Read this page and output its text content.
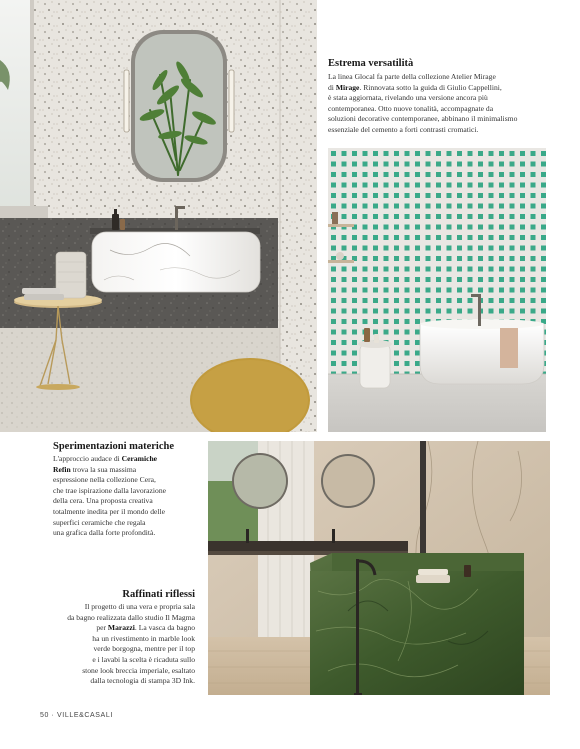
Estrema versatilità

La linea Glocal fa parte della collezione Atelier Mirage
di Mirage. Rinnovata sotto la guida di Giulio Cappellini,
è stata aggiornata, rivelando una versione ancora più
contemporanea. Otto nuove tonalità, accompagnate da
soluzioni decorative contemporanee, abbinano il minimalismo
essenziale del cemento a forti contrasti cromatici.

Sperimentazioni materiche

L'approccio audace di Ceramiche
Refin trova la sua massima
espressione nella collezione Cera,
che trae ispirazione dalla lavorazione
della cera. Una proposta creativa
totalmente inedita per il mondo delle
superfici ceramiche che regala
una grafica dalla forte profondità.

Raffinati riflessi

Il progetto di una vera e propria sala
da bagno realizzata dallo studio Il Magma
per Marazzi. La vasca da bagno
ha un rivestimento in marble look
verde borgogna, mentre per il top
e i lavabi la scelta è ricaduta sullo
stone look breccia imperiale, esaltato
dalla tecnologia di stampa 3D Ink.

50 · VILLE&CASALI
